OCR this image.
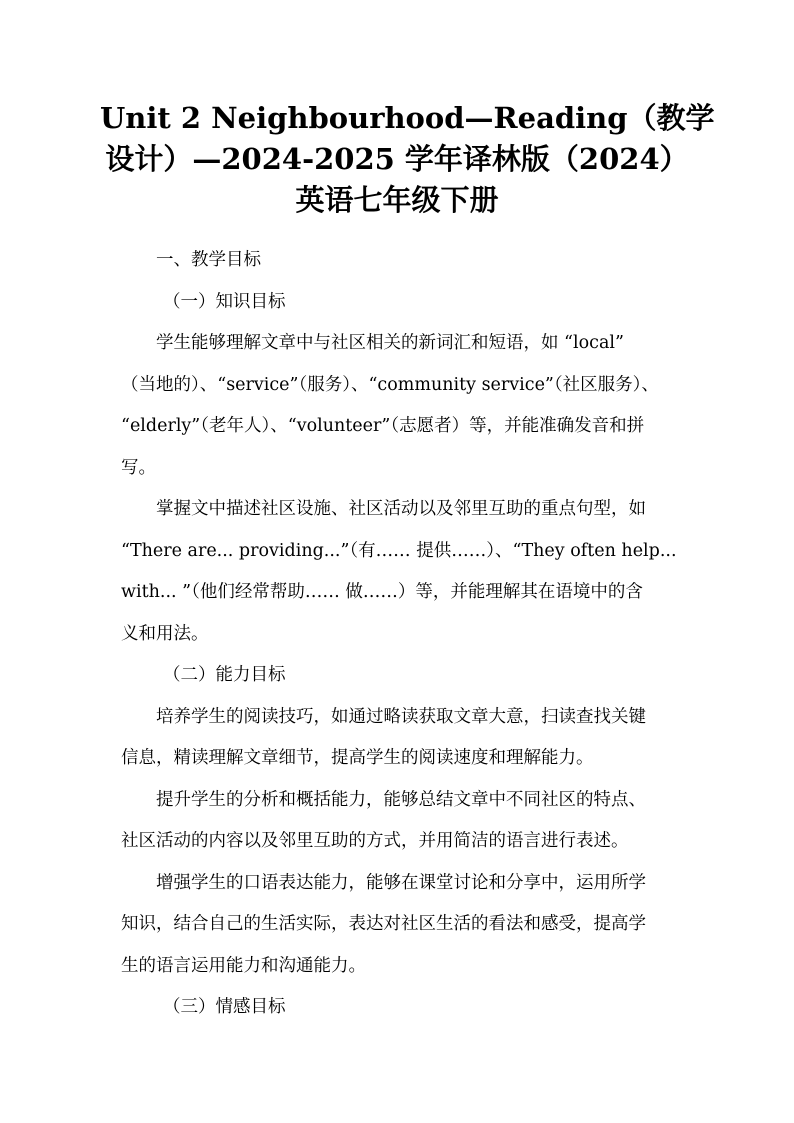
Unit 2 Neighbourhood—Reading（教学
设计）—2024-2025 学年译林版（2024）
英语七年级下册
一、教学目标
（一）知识目标
学生能够理解文章中与社区相关的新词汇和短语，如 “local”
（当地的）、“service”（服务）、“community service”（社区服务）、
“elderly”（老年人）、“volunteer”（志愿者）等，并能准确发音和拼
写。
掌握文中描述社区设施、社区活动以及邻里互助的重点句型，如
“There are... providing...”（有…… 提供……）、“They often help...
with... ”（他们经常帮助…… 做……）等，并能理解其在语境中的含
义和用法。
（二）能力目标
培养学生的阅读技巧，如通过略读获取文章大意，扫读查找关键
信息，精读理解文章细节，提高学生的阅读速度和理解能力。
提升学生的分析和概括能力，能够总结文章中不同社区的特点、
社区活动的内容以及邻里互助的方式，并用简洁的语言进行表述。
增强学生的口语表达能力，能够在课堂讨论和分享中，运用所学
知识，结合自己的生活实际，表达对社区生活的看法和感受，提高学
生的语言运用能力和沟通能力。
（三）情感目标
